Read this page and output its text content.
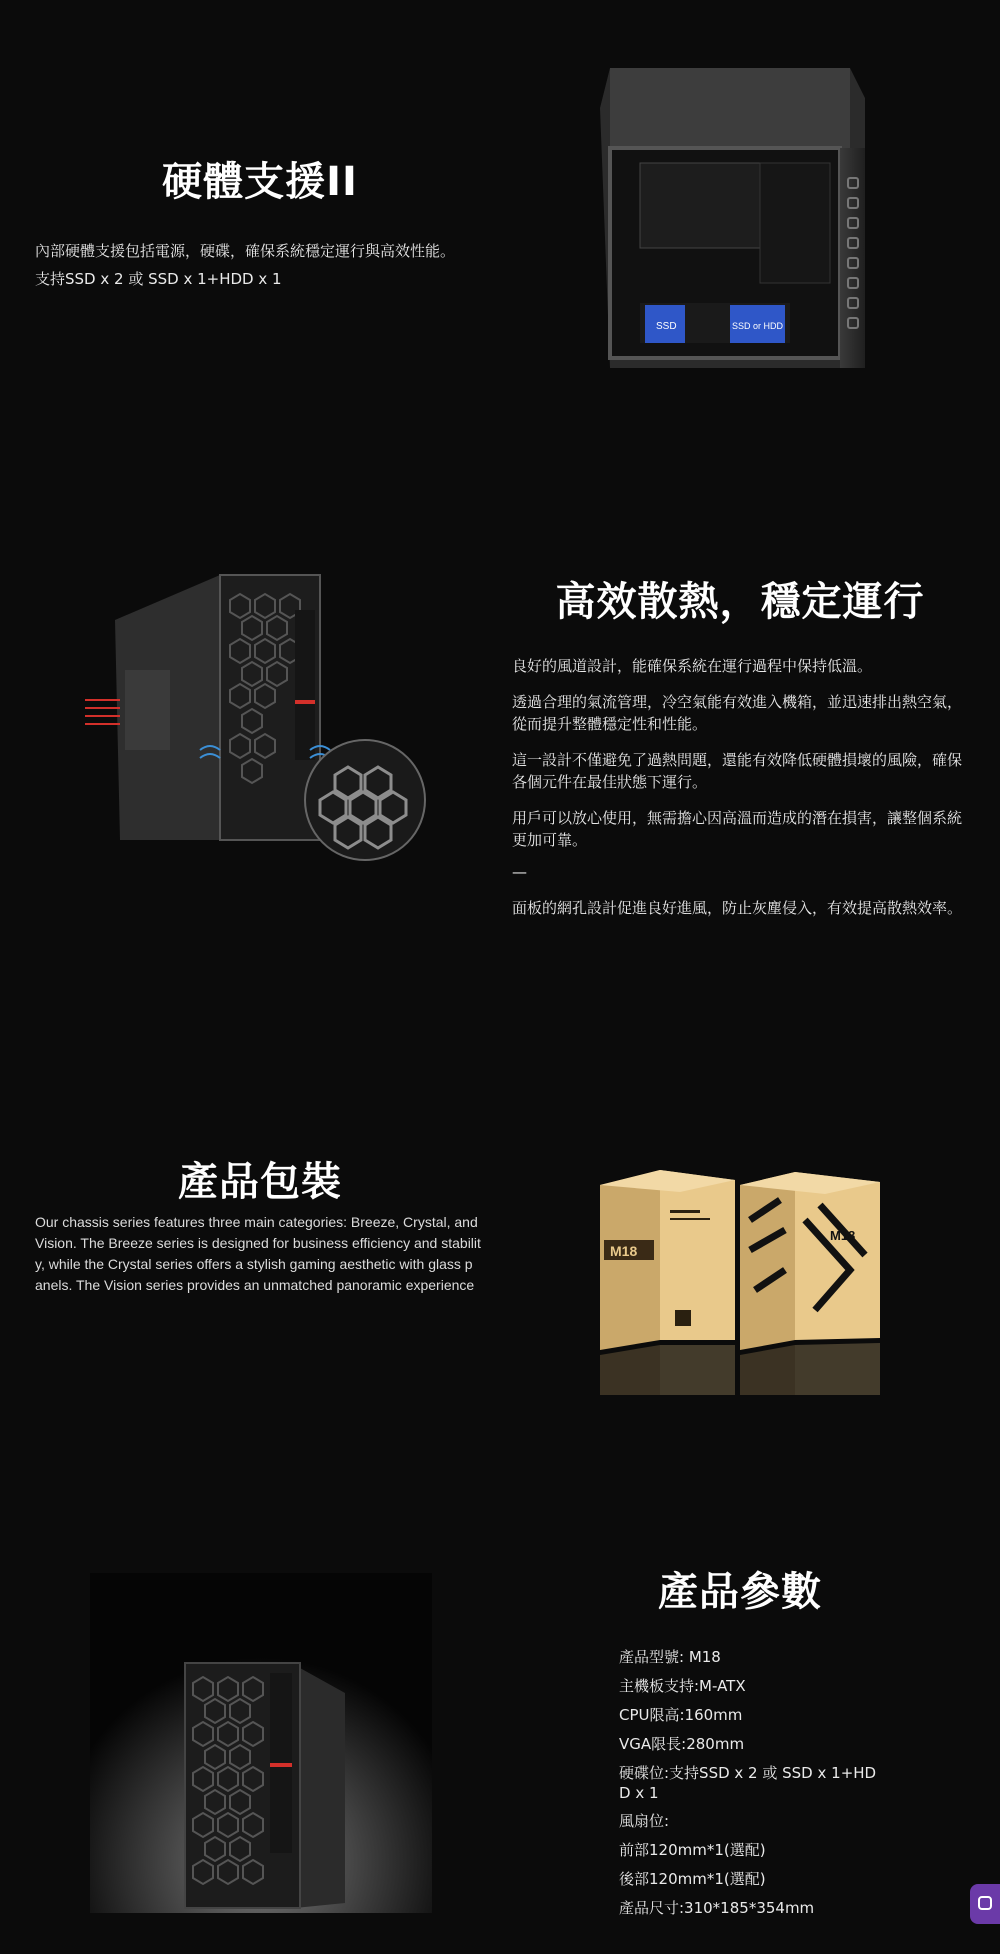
硬體支援II

內部硬體支援包括電源，硬碟，確保系統穩定運行與高效性能。

支持SSD x 2 或 SSD x 1+HDD x 1

SSD	SSD or HDD
高效散熱，穩定運行

良好的風道設計，能確保系統在運行過程中保持低溫。

透過合理的氣流管理，冷空氣能有效進入機箱，並迅速排出熱空氣，從而提升整體穩定性和性能。

這一設計不僅避免了過熱問題，還能有效降低硬體損壞的風險，確保各個元件在最佳狀態下運行。

用戶可以放心使用，無需擔心因高溫而造成的潛在損害，讓整個系統更加可靠。

—

面板的網孔設計促進良好進風，防止灰塵侵入，有效提高散熱效率。

產品包裝
Our chassis series features three main categories: Breeze, Crystal, and
Vision. The Breeze series is designed for business efficiency and stabilit
y, while the Crystal series offers a stylish gaming aesthetic with glass p
anels. The Vision series provides an unmatched panoramic experience
M18
M18
產品參數
產品型號: M18
主機板支持:M-ATX
CPU限高:160mm
VGA限長:280mm
硬碟位:支持SSD x 2 或 SSD x 1+HD
D x 1
風扇位:
前部120mm*1(選配)
後部120mm*1(選配)
產品尺寸:310*185*354mm
